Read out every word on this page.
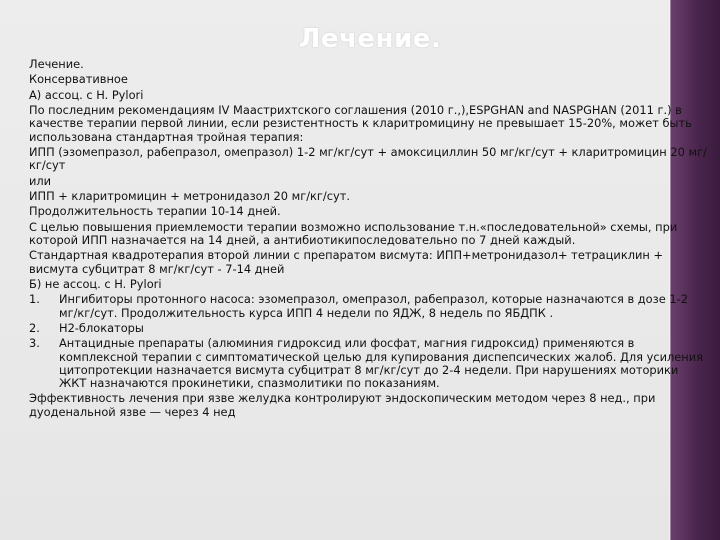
Лечение.

Лечение.

Консервативное

А) ассоц. с H. Pylori

По последним рекомендациям IV Маастрихтского соглашения (2010 г.,),ESPGHAN and NASPGHAN (2011 г.) в качестве терапии первой линии, если резистентность к кларитромицину не превышает 15-20%, может быть использована стандартная тройная терапия:

ИПП (эзомепразол, рабепразол, омепразол) 1-2 мг/кг/сут + амоксициллин 50 мг/кг/сут + кларитромицин 20 мг/кг/сут

или

ИПП + кларитромицин + метронидазол 20 мг/кг/сут.

Продолжительность терапии 10-14 дней.

С целью повышения приемлемости терапии возможно использование т.н.«последовательной» схемы, при которой ИПП назначается на 14 дней, а антибиотикипоследовательно по 7 дней каждый.

Стандартная квадротерапия второй линии с препаратом висмута: ИПП+метронидазол+ тетрациклин + висмута субцитрат 8 мг/кг/сут - 7-14 дней

Б) не ассоц. с H. Pylori

1. Ингибиторы протонного насоса: эзомепразол, омепразол, рабепразол, которые назначаются в дозе 1-2 мг/кг/сут. Продолжительность курса ИПП 4 недели по ЯДЖ, 8 недель по ЯБДПК .
2. Н2-блокаторы
3. Антацидные препараты (алюминия гидроксид или фосфат, магния гидроксид) применяются в комплексной терапии с симптоматической целью для купирования диспепсических жалоб. Для усиления цитопротекции назначается висмута субцитрат 8 мг/кг/сут до 2-4 недели. При нарушениях моторики ЖКТ назначаются прокинетики, спазмолитики по показаниям.

Эффективность лечения при язве желудка контролируют эндоскопическим методом через 8 нед., при дуоденальной язве — через 4 нед
